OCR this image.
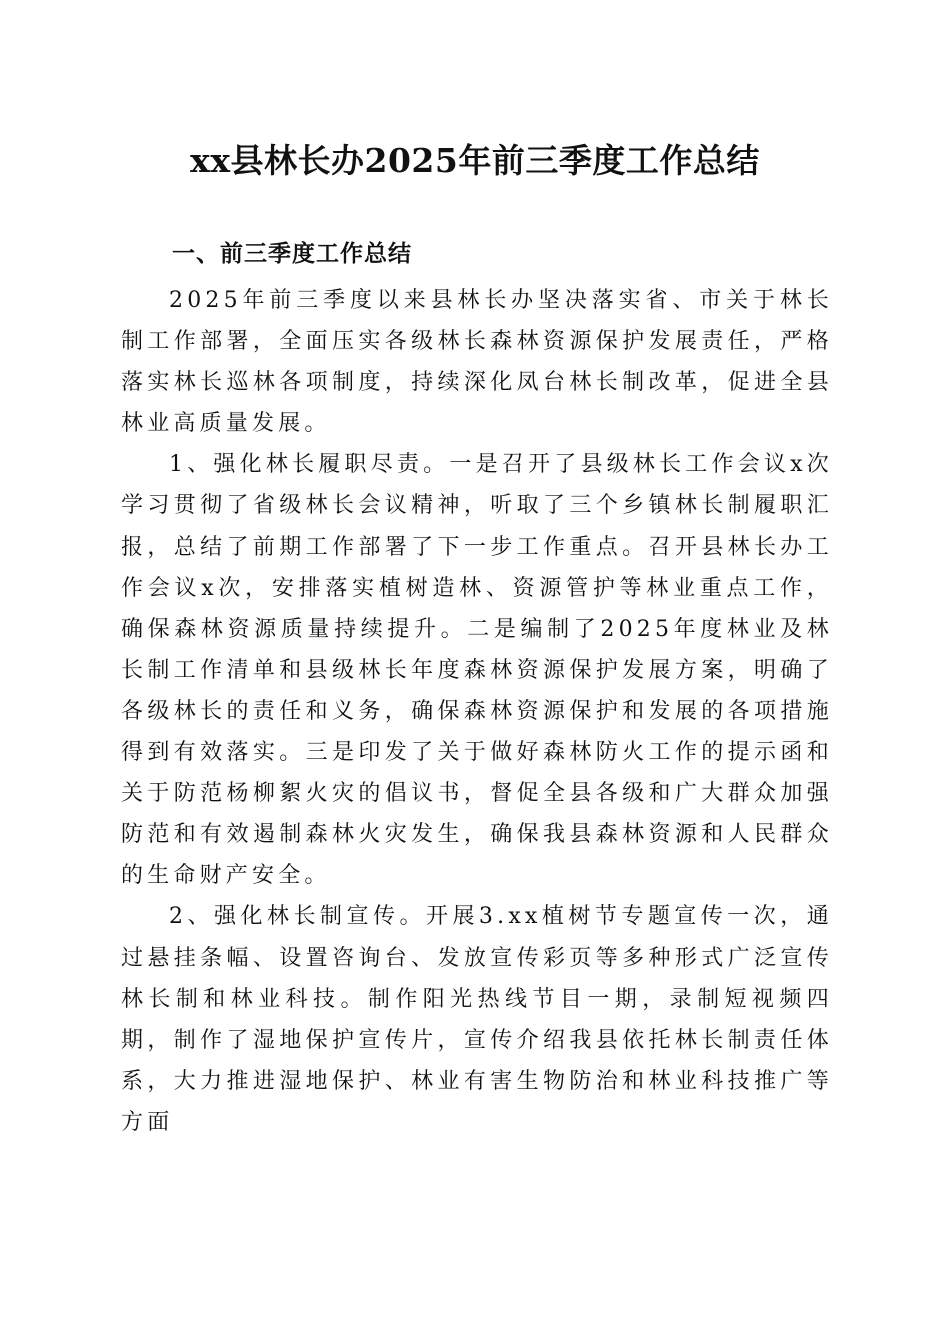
xx县林长办2025年前三季度工作总结
一、前三季度工作总结

2025年前三季度以来县林长办坚决落实省、市关于林长制工作部署，全面压实各级林长森林资源保护发展责任，严格落实林长巡林各项制度，持续深化凤台林长制改革，促进全县林业高质量发展。

1、强化林长履职尽责。一是召开了县级林长工作会议x次学习贯彻了省级林长会议精神，听取了三个乡镇林长制履职汇报，总结了前期工作部署了下一步工作重点。召开县林长办工作会议x次，安排落实植树造林、资源管护等林业重点工作，确保森林资源质量持续提升。二是编制了2025年度林业及林长制工作清单和县级林长年度森林资源保护发展方案，明确了各级林长的责任和义务，确保森林资源保护和发展的各项措施得到有效落实。三是印发了关于做好森林防火工作的提示函和关于防范杨柳絮火灾的倡议书，督促全县各级和广大群众加强防范和有效遏制森林火灾发生，确保我县森林资源和人民群众的生命财产安全。

2、强化林长制宣传。开展3.xx植树节专题宣传一次，通过悬挂条幅、设置咨询台、发放宣传彩页等多种形式广泛宣传林长制和林业科技。制作阳光热线节目一期，录制短视频四期，制作了湿地保护宣传片，宣传介绍我县依托林长制责任体系，大力推进湿地保护、林业有害生物防治和林业科技推广等方面
